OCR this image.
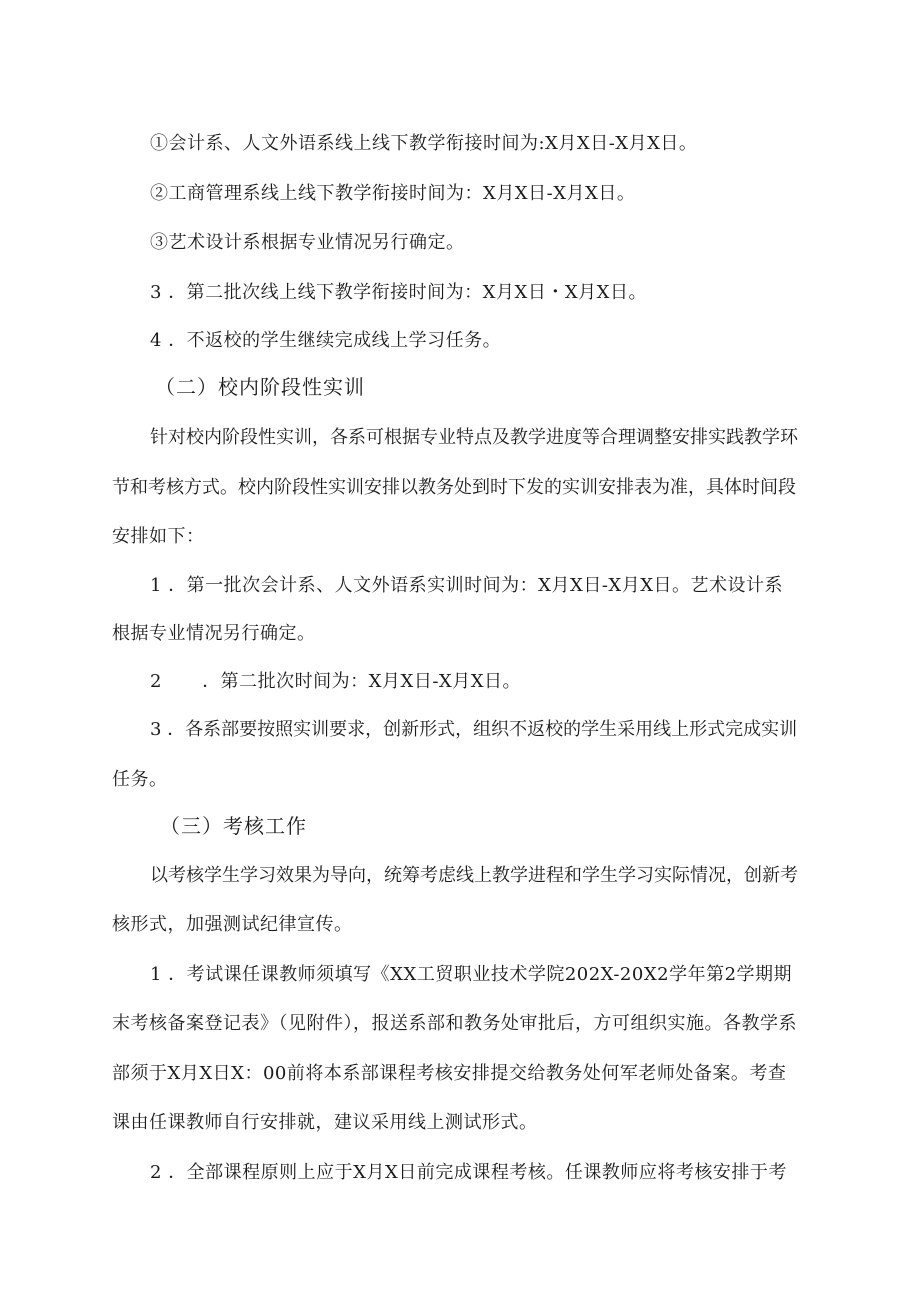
①会计系、人文外语系线上线下教学衔接时间为:X月X日-X月X日。
②工商管理系线上线下教学衔接时间为：X月X日-X月X日。
③艺术设计系根据专业情况另行确定。
3 ．第二批次线上线下教学衔接时间为：X月X日・X月X日。
4 ．不返校的学生继续完成线上学习任务。
（二）校内阶段性实训
针对校内阶段性实训，各系可根据专业特点及教学进度等合理调整安排实践教学环
节和考核方式。校内阶段性实训安排以教务处到时下发的实训安排表为准，具体时间段
安排如下：
1 ．第一批次会计系、人文外语系实训时间为：X月X日-X月X日。艺术设计系
根据专业情况另行确定。
2 ．第二批次时间为：X月X日-X月X日。
3 ．各系部要按照实训要求，创新形式，组织不返校的学生采用线上形式完成实训
任务。
（三）考核工作
以考核学生学习效果为导向，统筹考虑线上教学进程和学生学习实际情况，创新考
核形式，加强测试纪律宣传。
1 ．考试课任课教师须填写《XX工贸职业技术学院202X-20X2学年第2学期期
末考核备案登记表》（见附件），报送系部和教务处审批后，方可组织实施。各教学系
部须于X月X日X：00前将本系部课程考核安排提交给教务处何军老师处备案。考查
课由任课教师自行安排就，建议采用线上测试形式。
2 ．全部课程原则上应于X月X日前完成课程考核。任课教师应将考核安排于考
